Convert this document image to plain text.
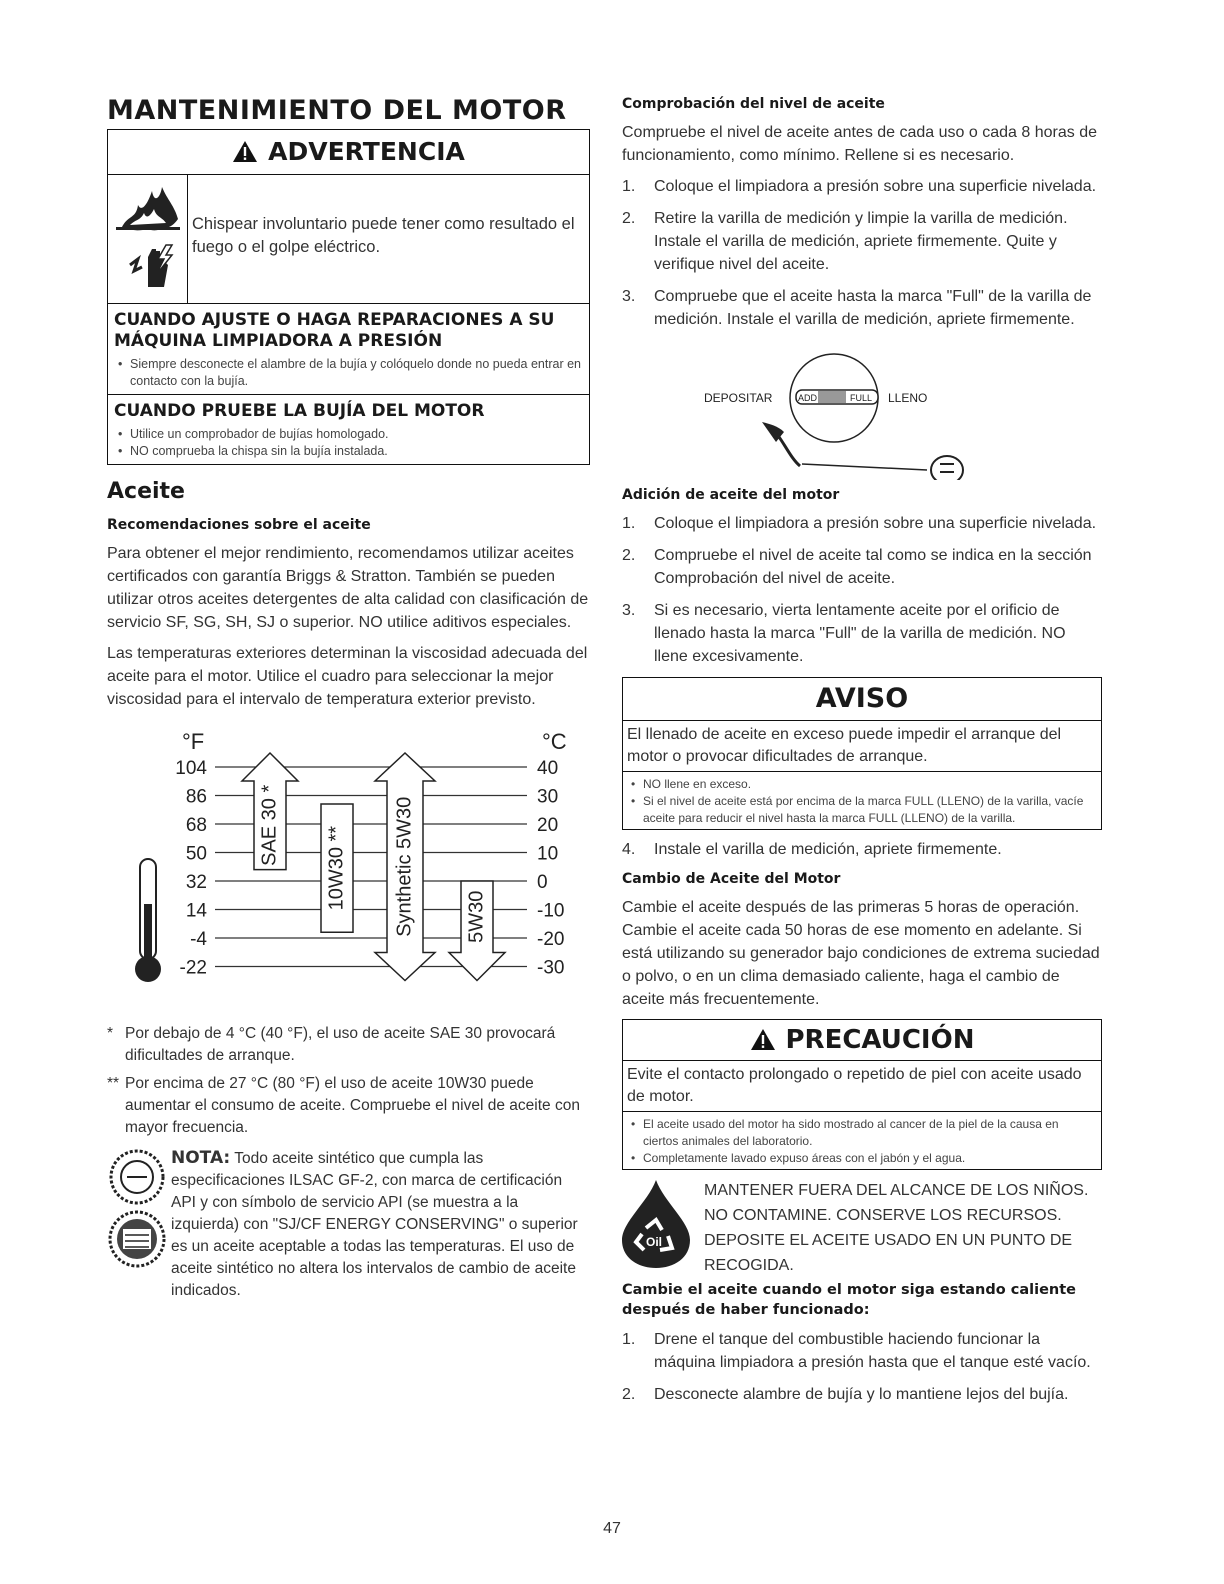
MANTENIMIENTO DEL MOTOR
ADVERTENCIA
Chispear involuntario puede tener como resultado el fuego o el golpe eléctrico.
CUANDO AJUSTE O HAGA REPARACIONES A SU MÁQUINA LIMPIADORA A PRESIÓN
• Siempre desconecte el alambre de la bujía y colóquelo donde no pueda entrar en contacto con la bujía.
CUANDO PRUEBE LA BUJÍA DEL MOTOR
• Utilice un comprobador de bujías homologado.
• NO comprueba la chispa sin la bujía instalada.
Aceite
Recomendaciones sobre el aceite

Para obtener el mejor rendimiento, recomendamos utilizar aceites certificados con garantía Briggs & Stratton. También se pueden utilizar otros aceites detergentes de alta calidad con clasificación de servicio SF, SG, SH, SJ o superior. NO utilice aditivos especiales.

Las temperaturas exteriores determinan la viscosidad adecuada del aceite para el motor. Utilice el cuadro para seleccionar la mejor viscosidad para el intervalo de temperatura exterior previsto.

°F	°C
104	40
86	30
68	20
50	10
32	0
14	-10
-4	-20
-22	-30
SAE 30 *
10W30 ** Synthetic 5W30	5W30
* Por debajo de 4 °C (40 °F), el uso de aceite SAE 30 provocará dificultades de arranque.
** Por encima de 27 °C (80 °F) el uso de aceite 10W30 puede aumentar el consumo de aceite. Compruebe el nivel de aceite con mayor frecuencia.
NOTA: Todo aceite sintético que cumpla las especificaciones ILSAC GF-2, con marca de certificación API y con símbolo de servicio API (se muestra a la izquierda) con "SJ/CF ENERGY CONSERVING" o superior es un aceite aceptable a todas las temperaturas. El uso de aceite sintético no altera los intervalos de cambio de aceite indicados.
Comprobación del nivel de aceite

Compruebe el nivel de aceite antes de cada uso o cada 8 horas de funcionamiento, como mínimo. Rellene si es necesario.

1.	Coloque el limpiadora a presión sobre una superficie nivelada.
2.	Retire la varilla de medición y limpie la varilla de medición. Instale el varilla de medición, apriete firmemente. Quite y verifique nivel del aceite.
3.	Compruebe que el aceite hasta la marca "Full" de la varilla de medición. Instale el varilla de medición, apriete firmemente.
ADD	FULL
DEPOSITAR	LLENO
Adición de aceite del motor
1.	Coloque el limpiadora a presión sobre una superficie nivelada.
2.	Compruebe el nivel de aceite tal como se indica en la sección Comprobación del nivel de aceite.
3.	Si es necesario, vierta lentamente aceite por el orificio de llenado hasta la marca "Full" de la varilla de medición. NO llene excesivamente.
AVISO
El llenado de aceite en exceso puede impedir el arranque del motor o provocar dificultades de arranque.
• NO llene en exceso.
• Si el nivel de aceite está por encima de la marca FULL (LLENO) de la varilla, vacíe aceite para reducir el nivel hasta la marca FULL (LLENO) de la varilla.
4.	Instale el varilla de medición, apriete firmemente.
Cambio de Aceite del Motor

Cambie el aceite después de las primeras 5 horas de operación. Cambie el aceite cada 50 horas de ese momento en adelante. Si está utilizando su generador bajo condiciones de extrema suciedad o polvo, o en un clima demasiado caliente, haga el cambio de aceite más frecuentemente.

PRECAUCIÓN
Evite el contacto prolongado o repetido de piel con aceite usado de motor.
• El aceite usado del motor ha sido mostrado al cancer de la piel de la causa en ciertos animales del laboratorio.
• Completamente lavado expuso áreas con el jabón y el agua.
Oil
MANTENER FUERA DEL ALCANCE DE LOS NIÑOS. NO CONTAMINE. CONSERVE LOS RECURSOS. DEPOSITE EL ACEITE USADO EN UN PUNTO DE RECOGIDA.
Cambie el aceite cuando el motor siga estando caliente después de haber funcionado:
1.	Drene el tanque del combustible haciendo funcionar la máquina limpiadora a presión hasta que el tanque esté vacío.
2.	Desconecte alambre de bujía y lo mantiene lejos del bujía.
47
